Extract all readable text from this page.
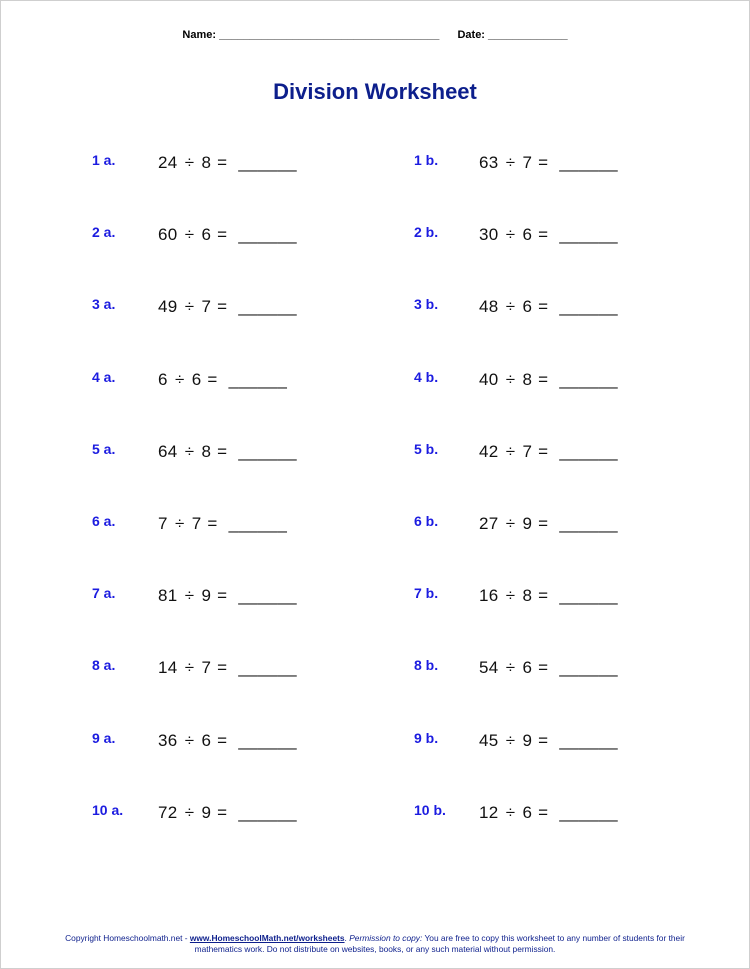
Name: ____________________________________ Date: _____________
Division Worksheet
1 a.	24 ÷ 8 = ______
2 a.	60 ÷ 6 = ______
3 a.	49 ÷ 7 = ______
4 a.	6 ÷ 6 = ______
5 a.	64 ÷ 8 = ______
6 a.	7 ÷ 7 = ______
7 a.	81 ÷ 9 = ______
8 a.	14 ÷ 7 = ______
9 a.	36 ÷ 6 = ______
10 a. 72 ÷ 9 = ______
1 b. 63 ÷ 7 = ______
2 b. 30 ÷ 6 = ______
3 b. 48 ÷ 6 = ______
4 b. 40 ÷ 8 = ______
5 b. 42 ÷ 7 = ______
6 b. 27 ÷ 9 = ______
7 b. 16 ÷ 8 = ______
8 b. 54 ÷ 6 = ______
9 b. 45 ÷ 9 = ______
10 b. 12 ÷ 6 = ______
Copyright Homeschoolmath.net - www.HomeschoolMath.net/worksheets. Permission to copy: You are free to copy this worksheet to any number of students for their mathematics work. Do not distribute on websites, books, or any such material without permission.
